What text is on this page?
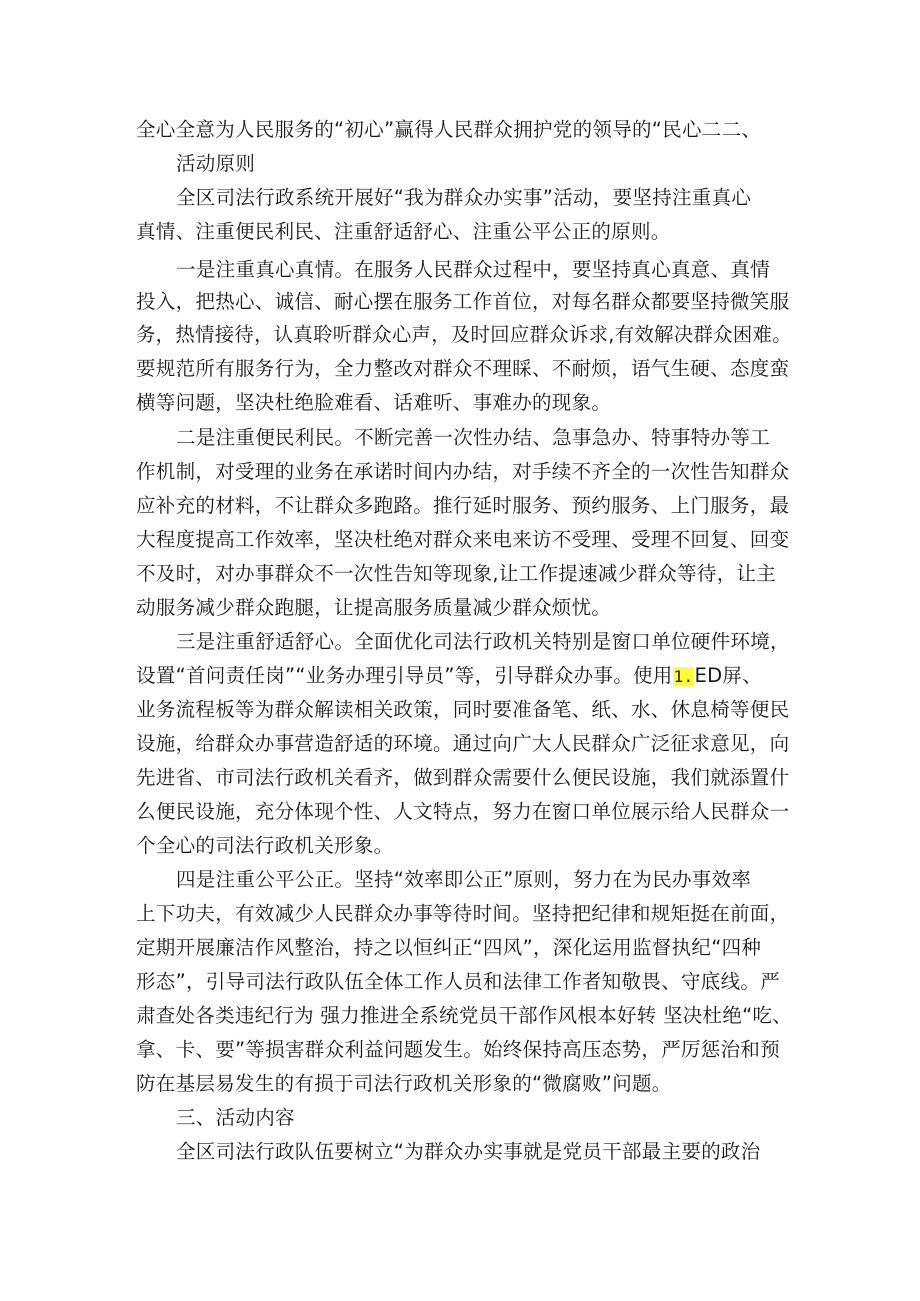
全心全意为人民服务的“初心”赢得人民群众拥护党的领导的“民心二二、
活动原则
全区司法行政系统开展好“我为群众办实事”活动，要坚持注重真心
真情、注重便民利民、注重舒适舒心、注重公平公正的原则。
一是注重真心真情。在服务人民群众过程中，要坚持真心真意、真情
投入，把热心、诚信、耐心摆在服务工作首位，对每名群众都要坚持微笑服
务，热情接待，认真聆听群众心声，及时回应群众诉求,有效解决群众困难。
要规范所有服务行为，全力整改对群众不理睬、不耐烦，语气生硬、态度蛮
横等问题，坚决杜绝脸难看、话难听、事难办的现象。
二是注重便民利民。不断完善一次性办结、急事急办、特事特办等工
作机制，对受理的业务在承诺时间内办结，对手续不齐全的一次性告知群众
应补充的材料，不让群众多跑路。推行延时服务、预约服务、上门服务，最
大程度提高工作效率，坚决杜绝对群众来电来访不受理、受理不回复、回变
不及时，对办事群众不一次性告知等现象,让工作提速减少群众等待，让主
动服务减少群众跑腿，让提高服务质量减少群众烦忧。
三是注重舒适舒心。全面优化司法行政机关特别是窗口单位硬件环境，
设置“首问责任岗”“业务办理引导员”等，引导群众办事。使用1.ED屏、
业务流程板等为群众解读相关政策，同时要准备笔、纸、水、休息椅等便民
设施，给群众办事营造舒适的环境。通过向广大人民群众广泛征求意见，向
先进省、市司法行政机关看齐，做到群众需要什么便民设施，我们就添置什
么便民设施，充分体现个性、人文特点，努力在窗口单位展示给人民群众一
个全心的司法行政机关形象。
四是注重公平公正。坚持“效率即公正”原则，努力在为民办事效率
上下功夫，有效减少人民群众办事等待时间。坚持把纪律和规矩挺在前面，
定期开展廉洁作风整治，持之以恒纠正“四风”，深化运用监督执纪“四种
形态”，引导司法行政队伍全体工作人员和法律工作者知敬畏、守底线。严
肃查处各类违纪行为 强力推进全系统党员干部作风根本好转 坚决杜绝“吃、
拿、卡、要”等损害群众利益问题发生。始终保持高压态势，严厉惩治和预
防在基层易发生的有损于司法行政机关形象的“微腐败”问题。
三、活动内容
全区司法行政队伍要树立“为群众办实事就是党员干部最主要的政治
